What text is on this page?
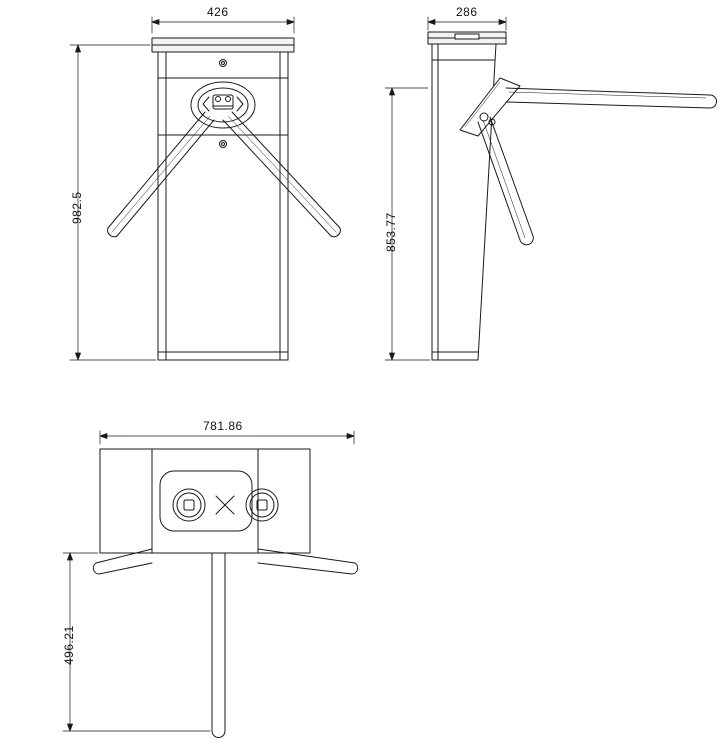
426
982.5
286
853.77
781.86
496.21
